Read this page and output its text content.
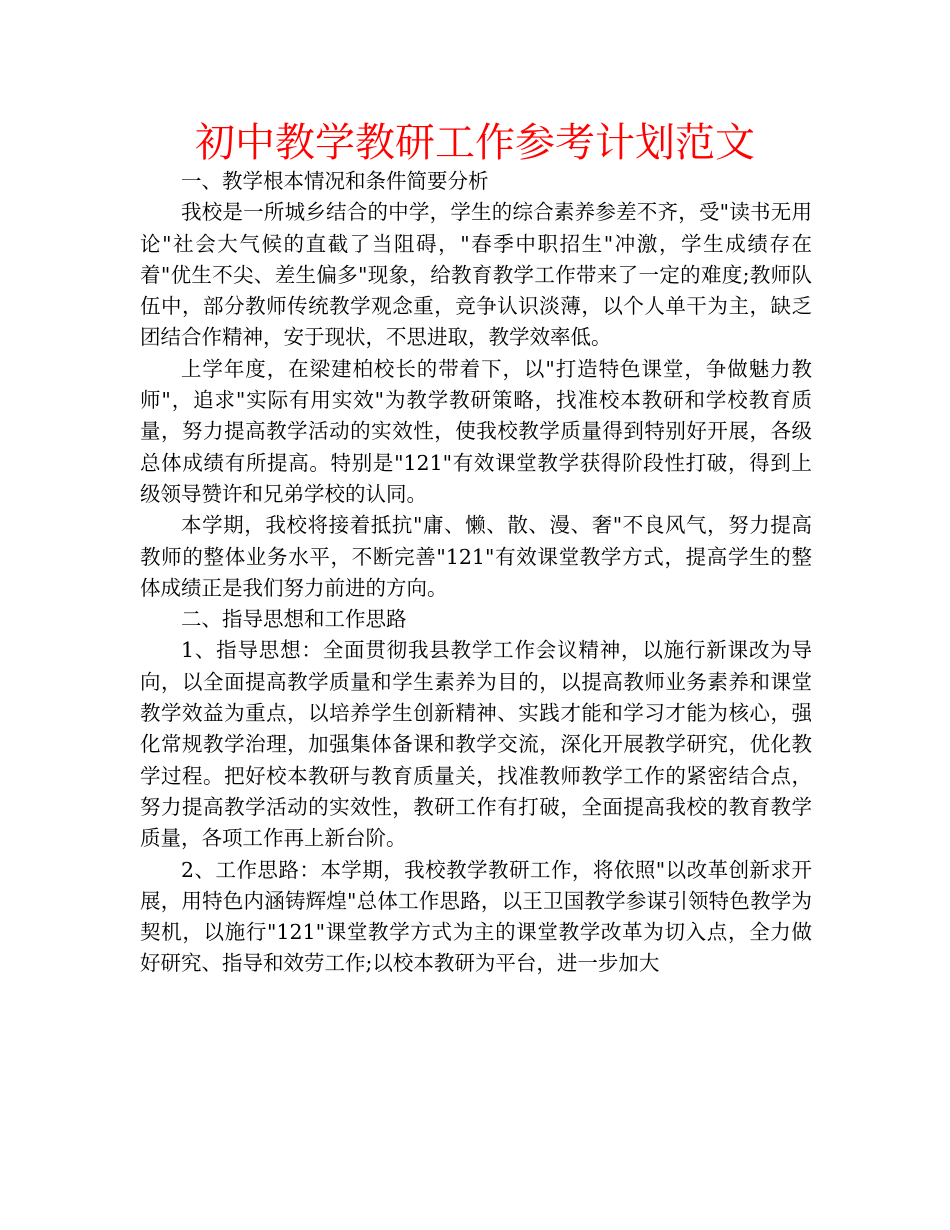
初中教学教研工作参考计划范文

一、教学根本情况和条件简要分析

我校是一所城乡结合的中学，学生的综合素养参差不齐，受"读书无用论"社会大气候的直截了当阻碍，"春季中职招生"冲激，学生成绩存在着"优生不尖、差生偏多"现象，给教育教学工作带来了一定的难度;教师队伍中，部分教师传统教学观念重，竞争认识淡薄，以个人单干为主，缺乏团结合作精神，安于现状，不思进取，教学效率低。

上学年度，在梁建柏校长的带着下，以"打造特色课堂，争做魅力教师"，追求"实际有用实效"为教学教研策略，找准校本教研和学校教育质量，努力提高教学活动的实效性，使我校教学质量得到特别好开展，各级总体成绩有所提高。特别是"121"有效课堂教学获得阶段性打破，得到上级领导赞许和兄弟学校的认同。

本学期，我校将接着抵抗"庸、懒、散、漫、奢"不良风气，努力提高教师的整体业务水平，不断完善"121"有效课堂教学方式，提高学生的整体成绩正是我们努力前进的方向。

二、指导思想和工作思路

1、指导思想：全面贯彻我县教学工作会议精神，以施行新课改为导向，以全面提高教学质量和学生素养为目的，以提高教师业务素养和课堂教学效益为重点，以培养学生创新精神、实践才能和学习才能为核心，强化常规教学治理，加强集体备课和教学交流，深化开展教学研究，优化教学过程。把好校本教研与教育质量关，找准教师教学工作的紧密结合点，努力提高教学活动的实效性，教研工作有打破，全面提高我校的教育教学质量，各项工作再上新台阶。

2、工作思路：本学期，我校教学教研工作，将依照"以改革创新求开展，用特色内涵铸辉煌"总体工作思路，以王卫国教学参谋引领特色教学为契机，以施行"121"课堂教学方式为主的课堂教学改革为切入点，全力做好研究、指导和效劳工作;以校本教研为平台，进一步加大
